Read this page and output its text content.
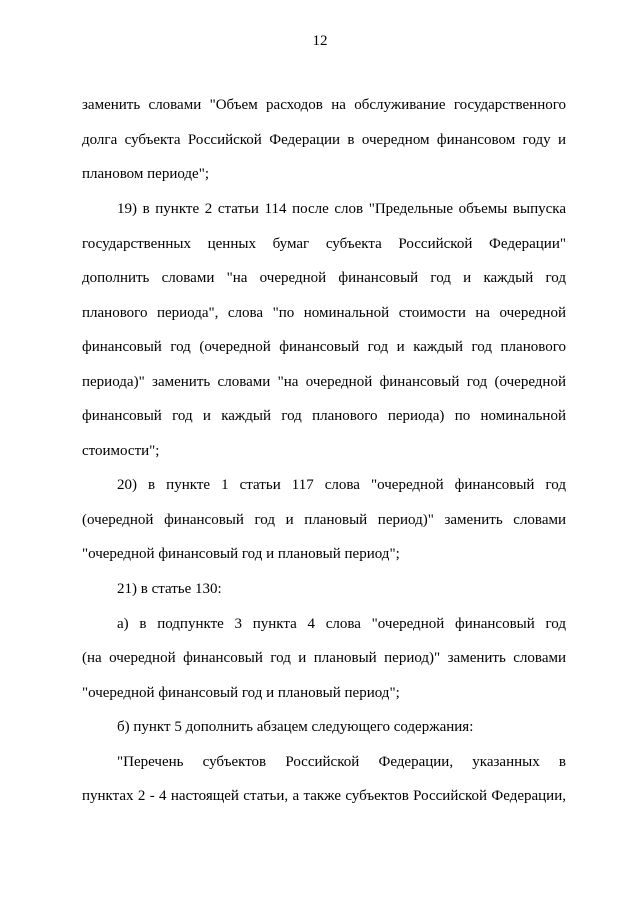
12
заменить словами "Объем расходов на обслуживание государственного
долга субъекта Российской Федерации в очередном финансовом году и
плановом периоде";
19) в пункте 2 статьи 114 после слов "Предельные объемы выпуска
государственных ценных бумаг субъекта Российской Федерации"
дополнить словами "на очередной финансовый год и каждый год
планового периода", слова "по номинальной стоимости на очередной
финансовый год (очередной финансовый год и каждый год планового
периода)" заменить словами "на очередной финансовый год (очередной
финансовый год и каждый год планового периода) по номинальной
стоимости";
20) в пункте 1 статьи 117 слова "очередной финансовый год
(очередной финансовый год и плановый период)" заменить словами
"очередной финансовый год и плановый период";
21) в статье 130:
а) в подпункте 3 пункта 4 слова "очередной финансовый год
(на очередной финансовый год и плановый период)" заменить словами
"очередной финансовый год и плановый период";
б) пункт 5 дополнить абзацем следующего содержания:
"Перечень субъектов Российской Федерации, указанных в
пунктах 2 - 4 настоящей статьи, а также субъектов Российской Федерации,
